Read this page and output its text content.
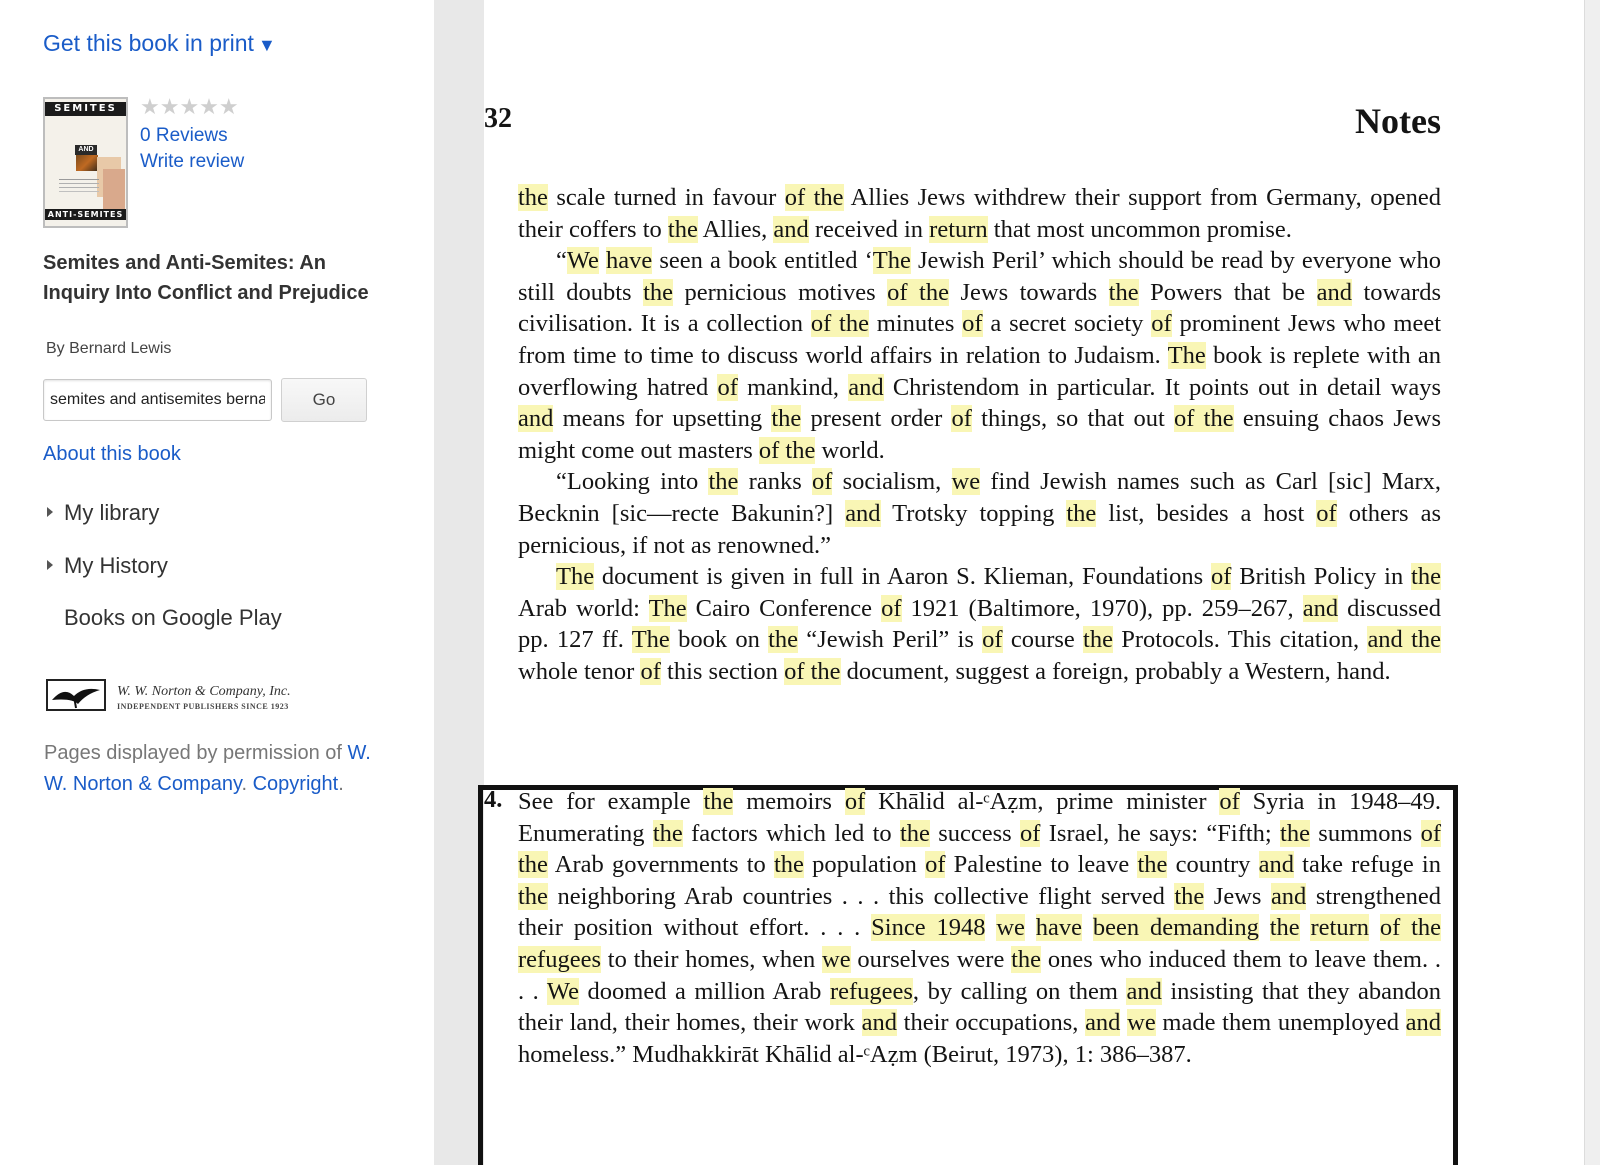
Get this book in print ▼
SEMITES
AND
ANTI-SEMITES
★★★★★
0 Reviews
Write review
Semites and Anti-Semites: An Inquiry Into Conflict and Prejudice
By Bernard Lewis
semites and antisemites bernard lewis
Go
About this book
My library
My History
Books on Google Play
W. W. Norton & Company, Inc.
INDEPENDENT PUBLISHERS SINCE 1923
Pages displayed by permission of W. W. Norton & Company. Copyright.
32	Notes

the scale turned in favour of the Allies Jews withdrew their support from Germany, opened their coffers to the Allies, and received in return that most uncommon promise.

“We have seen a book entitled ‘The Jewish Peril’ which should be read by everyone who still doubts the pernicious motives of the Jews towards the Powers that be and towards civilisation. It is a collection of the minutes of a secret society of prominent Jews who meet from time to time to discuss world affairs in relation to Judaism. The book is replete with an overflowing hatred of mankind, and Christendom in particular. It points out in detail ways and means for upsetting the present order of things, so that out of the ensuing chaos Jews might come out masters of the world.

“Looking into the ranks of socialism, we find Jewish names such as Carl [sic] Marx, Becknin [sic—recte Bakunin?] and Trotsky topping the list, besides a host of others as pernicious, if not as renowned.”

The document is given in full in Aaron S. Klieman, Foundations of British Policy in the Arab world: The Cairo Conference of 1921 (Baltimore, 1970), pp. 259–267, and discussed pp. 127 ff. The book on the “Jewish Peril” is of course the Protocols. This citation, and the whole tenor of this section of the document, suggest a foreign, probably a Western, hand.

4. See for example the memoirs of Khālid al-ᶜAẓm, prime minister of Syria in 1948–49. Enumerating the factors which led to the success of Israel, he says: “Fifth; the summons of the Arab governments to the population of Palestine to leave the country and take refuge in the neighboring Arab countries . . . this collective flight served the Jews and strengthened their position without effort. . . . Since 1948 we have been demanding the return of the refugees to their homes, when we ourselves were the ones who induced them to leave them. . . . We doomed a million Arab refugees, by calling on them and insisting that they abandon their land, their homes, their work and their occupations, and we made them unemployed and homeless.” Mudhakkirāt Khālid al-ᶜAẓm (Beirut, 1973), 1: 386–387.
